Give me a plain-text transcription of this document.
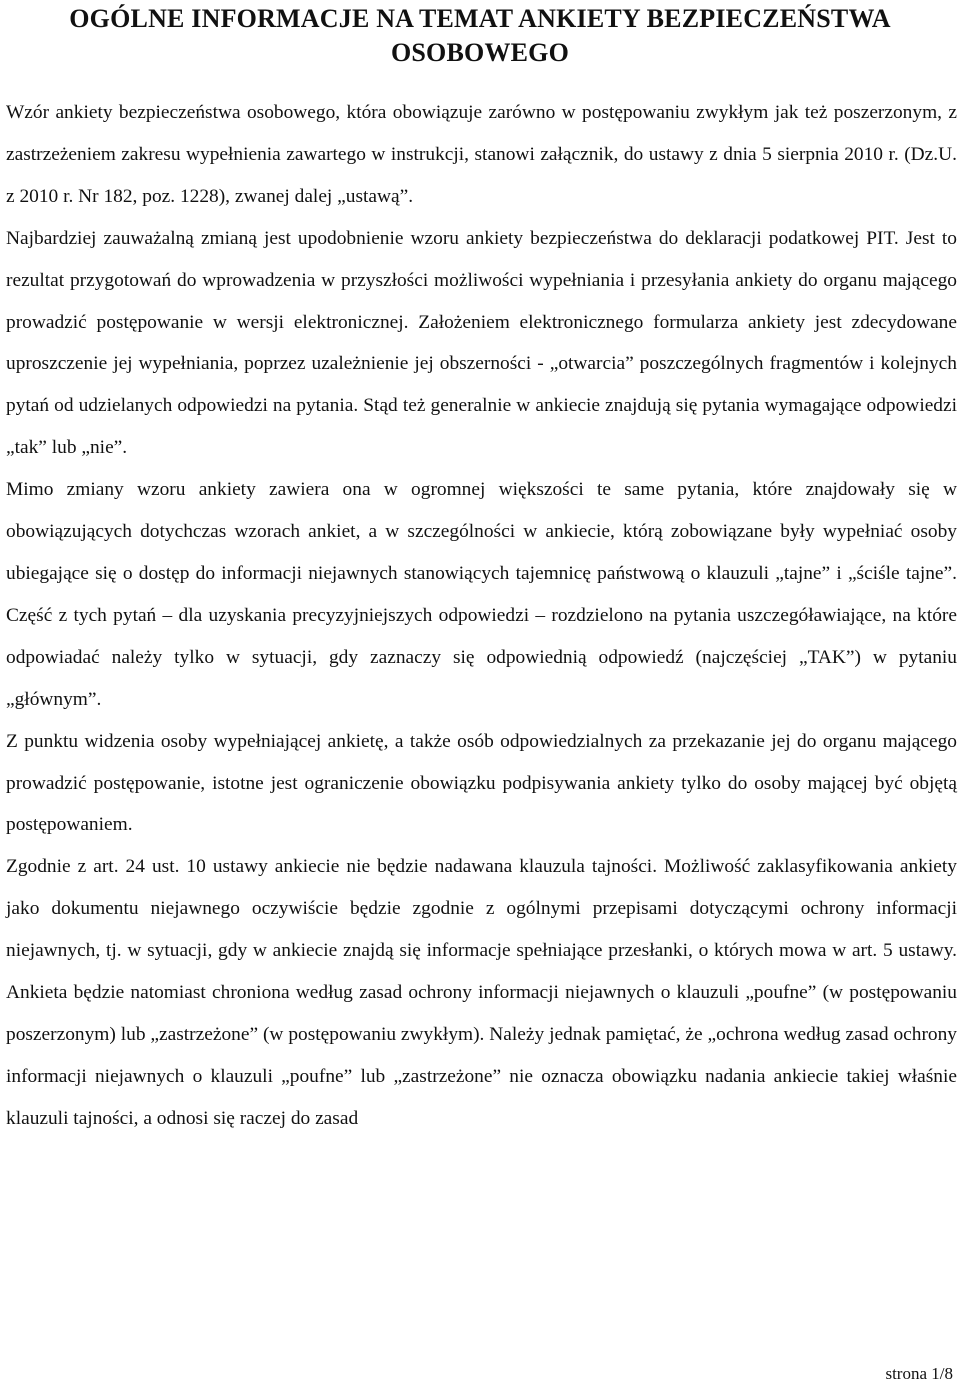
OGÓLNE INFORMACJE NA TEMAT ANKIETY BEZPIECZEŃSTWA
OSOBOWEGO

Wzór ankiety bezpieczeństwa osobowego, która obowiązuje zarówno w postępowaniu zwykłym jak też poszerzonym, z zastrzeżeniem zakresu wypełnienia zawartego w instrukcji, stanowi załącznik, do ustawy z dnia 5 sierpnia 2010 r. (Dz.U. z 2010 r. Nr 182, poz. 1228), zwanej dalej „ustawą”.

Najbardziej zauważalną zmianą jest upodobnienie wzoru ankiety bezpieczeństwa do deklaracji podatkowej PIT. Jest to rezultat przygotowań do wprowadzenia w przyszłości możliwości wypełniania i przesyłania ankiety do organu mającego prowadzić postępowanie w wersji elektronicznej. Założeniem elektronicznego formularza ankiety jest zdecydowane uproszczenie jej wypełniania, poprzez uzależnienie jej obszerności - „otwarcia” poszczególnych fragmentów i kolejnych pytań od udzielanych odpowiedzi na pytania. Stąd też generalnie w ankiecie znajdują się pytania wymagające odpowiedzi „tak” lub „nie”.

Mimo zmiany wzoru ankiety zawiera ona w ogromnej większości te same pytania, które znajdowały się w obowiązujących dotychczas wzorach ankiet, a w szczególności w ankiecie, którą zobowiązane były wypełniać osoby ubiegające się o dostęp do informacji niejawnych stanowiących tajemnicę państwową o klauzuli „tajne” i „ściśle tajne”. Część z tych pytań – dla uzyskania precyzyjniejszych odpowiedzi – rozdzielono na pytania uszczegóławiające, na które odpowiadać należy tylko w sytuacji, gdy zaznaczy się odpowiednią odpowiedź (najczęściej „TAK”) w pytaniu „głównym”.

Z punktu widzenia osoby wypełniającej ankietę, a także osób odpowiedzialnych za przekazanie jej do organu mającego prowadzić postępowanie, istotne jest ograniczenie obowiązku podpisywania ankiety tylko do osoby mającej być objętą postępowaniem.

Zgodnie z art. 24 ust. 10 ustawy ankiecie nie będzie nadawana klauzula tajności. Możliwość zaklasyfikowania ankiety jako dokumentu niejawnego oczywiście będzie zgodnie z ogólnymi przepisami dotyczącymi ochrony informacji niejawnych, tj. w sytuacji, gdy w ankiecie znajdą się informacje spełniające przesłanki, o których mowa w art. 5 ustawy. Ankieta będzie natomiast chroniona według zasad ochrony informacji niejawnych o klauzuli „poufne” (w postępowaniu poszerzonym) lub „zastrzeżone” (w postępowaniu zwykłym). Należy jednak pamiętać, że „ochrona według zasad ochrony informacji niejawnych o klauzuli „poufne” lub „zastrzeżone” nie oznacza obowiązku nadania ankiecie takiej właśnie klauzuli tajności, a odnosi się raczej do zasad

strona 1/8
